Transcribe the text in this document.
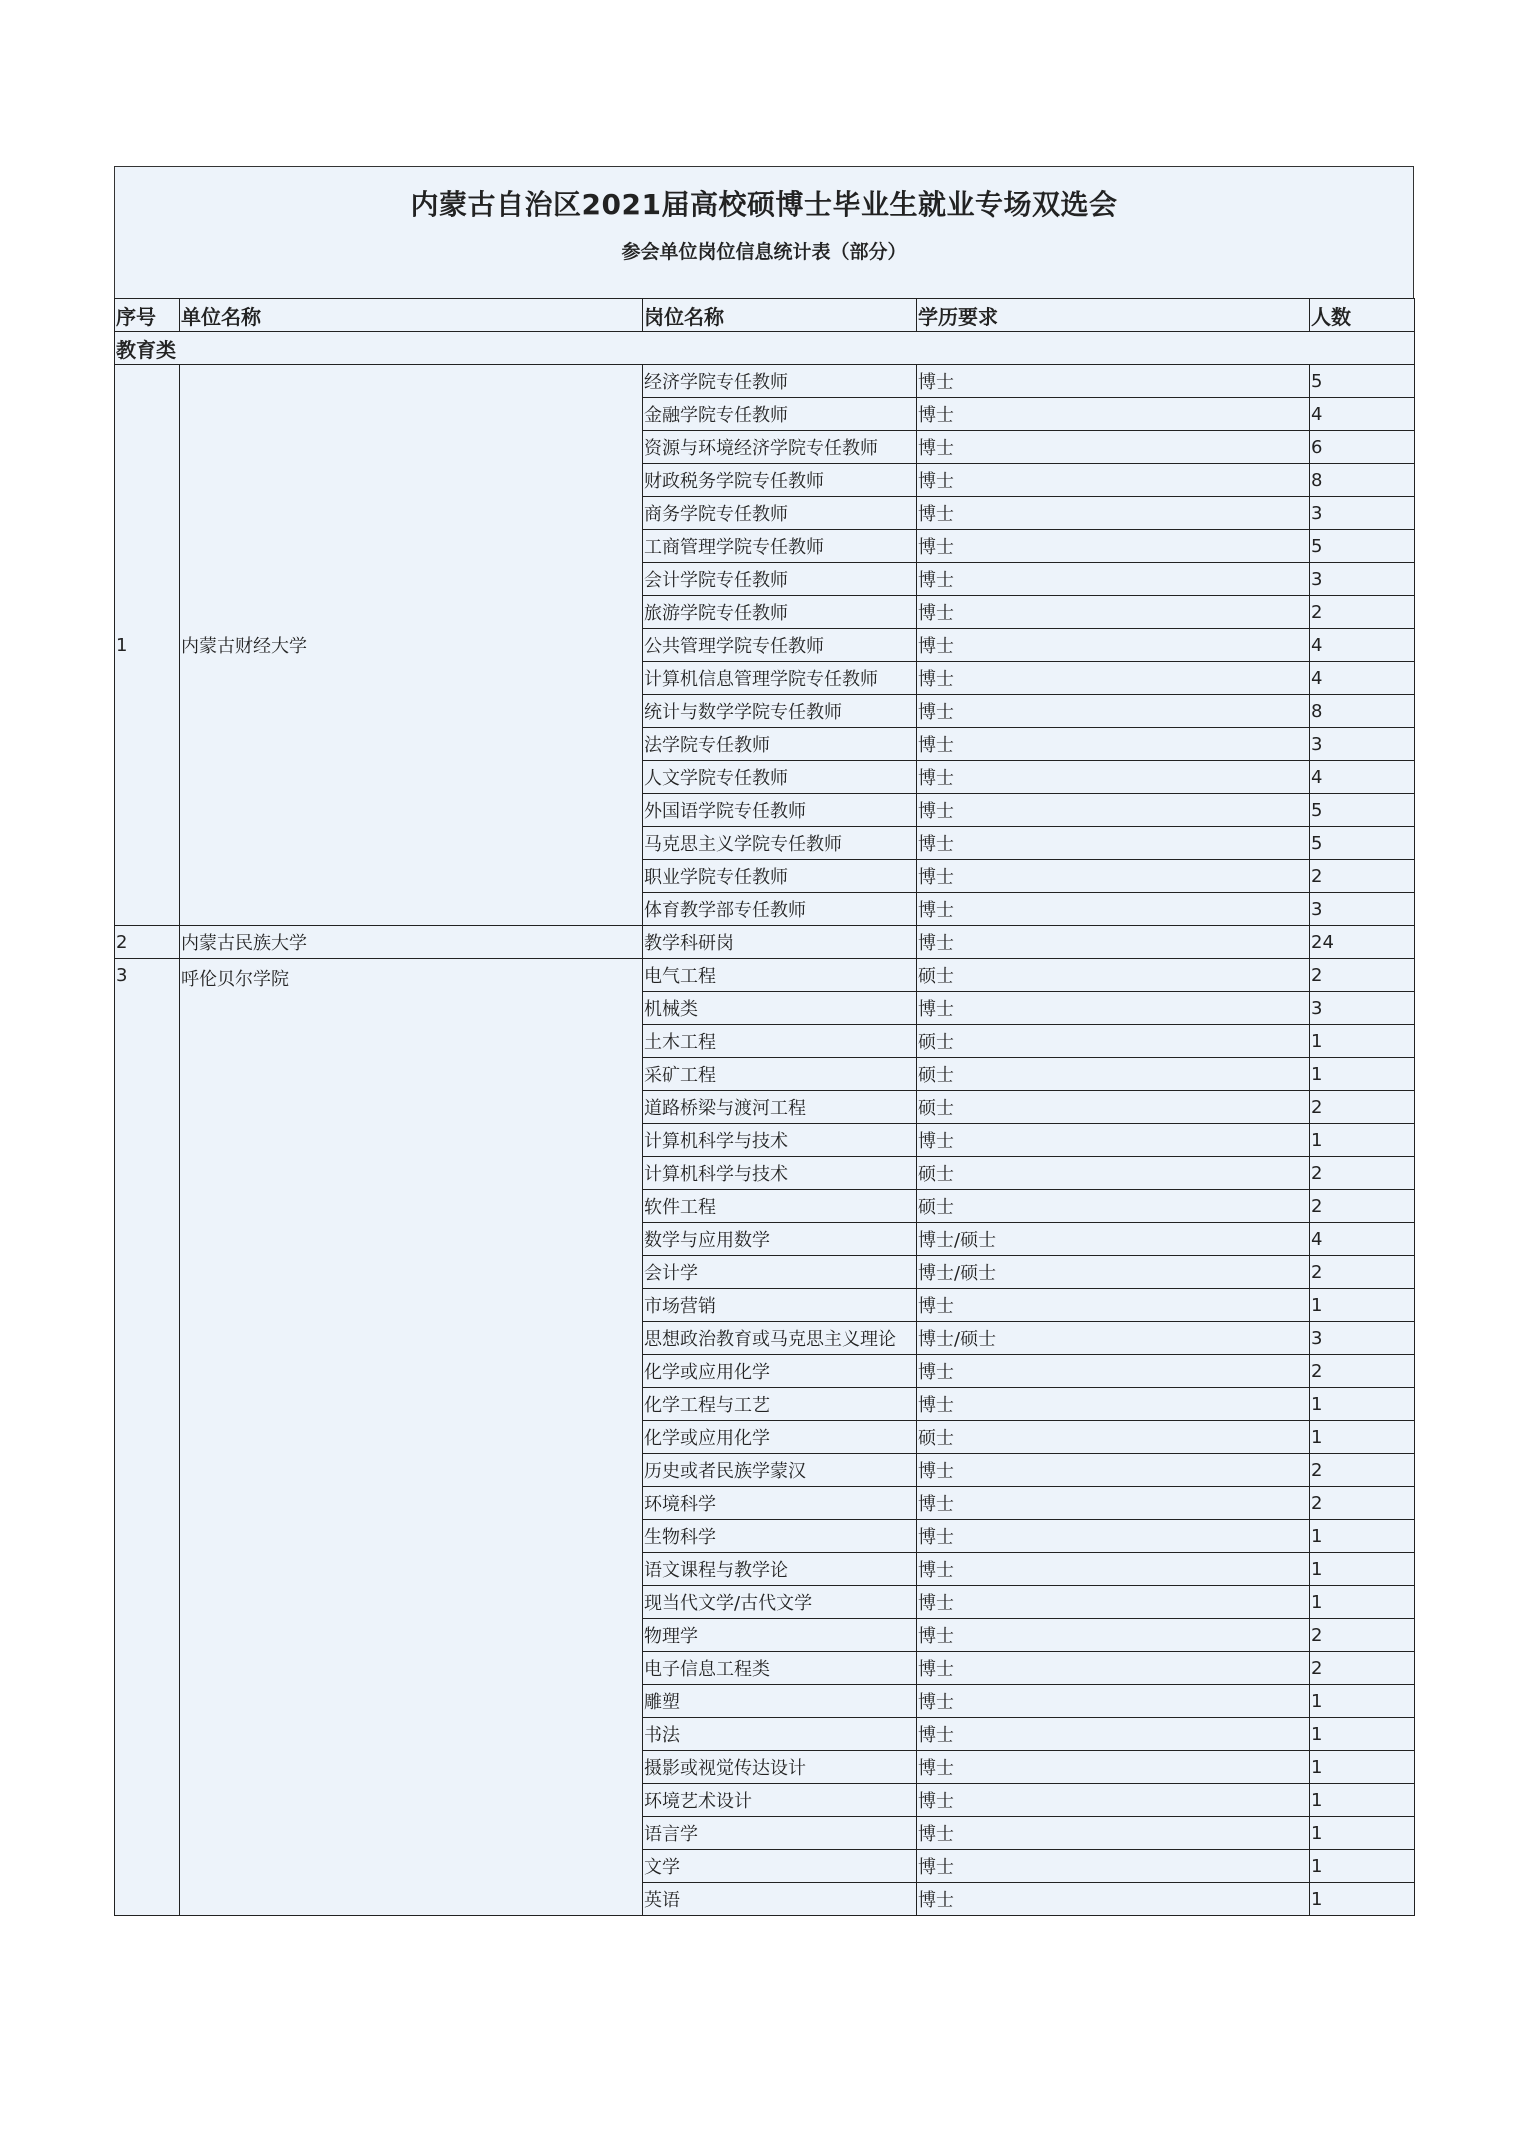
内蒙古自治区2021届高校硕博士毕业生就业专场双选会
参会单位岗位信息统计表（部分）
序号	单位名称	岗位名称	学历要求	人数
教育类				
1	内蒙古财经大学	经济学院专任教师	博士	5
		金融学院专任教师	博士	4
		资源与环境经济学院专任教师	博士	6
		财政税务学院专任教师	博士	8
		商务学院专任教师	博士	3
		工商管理学院专任教师	博士	5
		会计学院专任教师	博士	3
		旅游学院专任教师	博士	2
		公共管理学院专任教师	博士	4
		计算机信息管理学院专任教师	博士	4
		统计与数学学院专任教师	博士	8
		法学院专任教师	博士	3
		人文学院专任教师	博士	4
		外国语学院专任教师	博士	5
		马克思主义学院专任教师	博士	5
		职业学院专任教师	博士	2
		体育教学部专任教师	博士	3
2	内蒙古民族大学	教学科研岗	博士	24
3	呼伦贝尔学院	电气工程	硕士	2
		机械类	博士	3
		土木工程	硕士	1
		采矿工程	硕士	1
		道路桥梁与渡河工程	硕士	2
		计算机科学与技术	博士	1
		计算机科学与技术	硕士	2
		软件工程	硕士	2
		数学与应用数学	博士/硕士	4
		会计学	博士/硕士	2
		市场营销	博士	1
		思想政治教育或马克思主义理论	博士/硕士	3
		化学或应用化学	博士	2
		化学工程与工艺	博士	1
		化学或应用化学	硕士	1
		历史或者民族学蒙汉	博士	2
		环境科学	博士	2
		生物科学	博士	1
		语文课程与教学论	博士	1
		现当代文学/古代文学	博士	1
		物理学	博士	2
		电子信息工程类	博士	2
		雕塑	博士	1
		书法	博士	1
		摄影或视觉传达设计	博士	1
		环境艺术设计	博士	1
		语言学	博士	1
		文学	博士	1
		英语	博士	1
